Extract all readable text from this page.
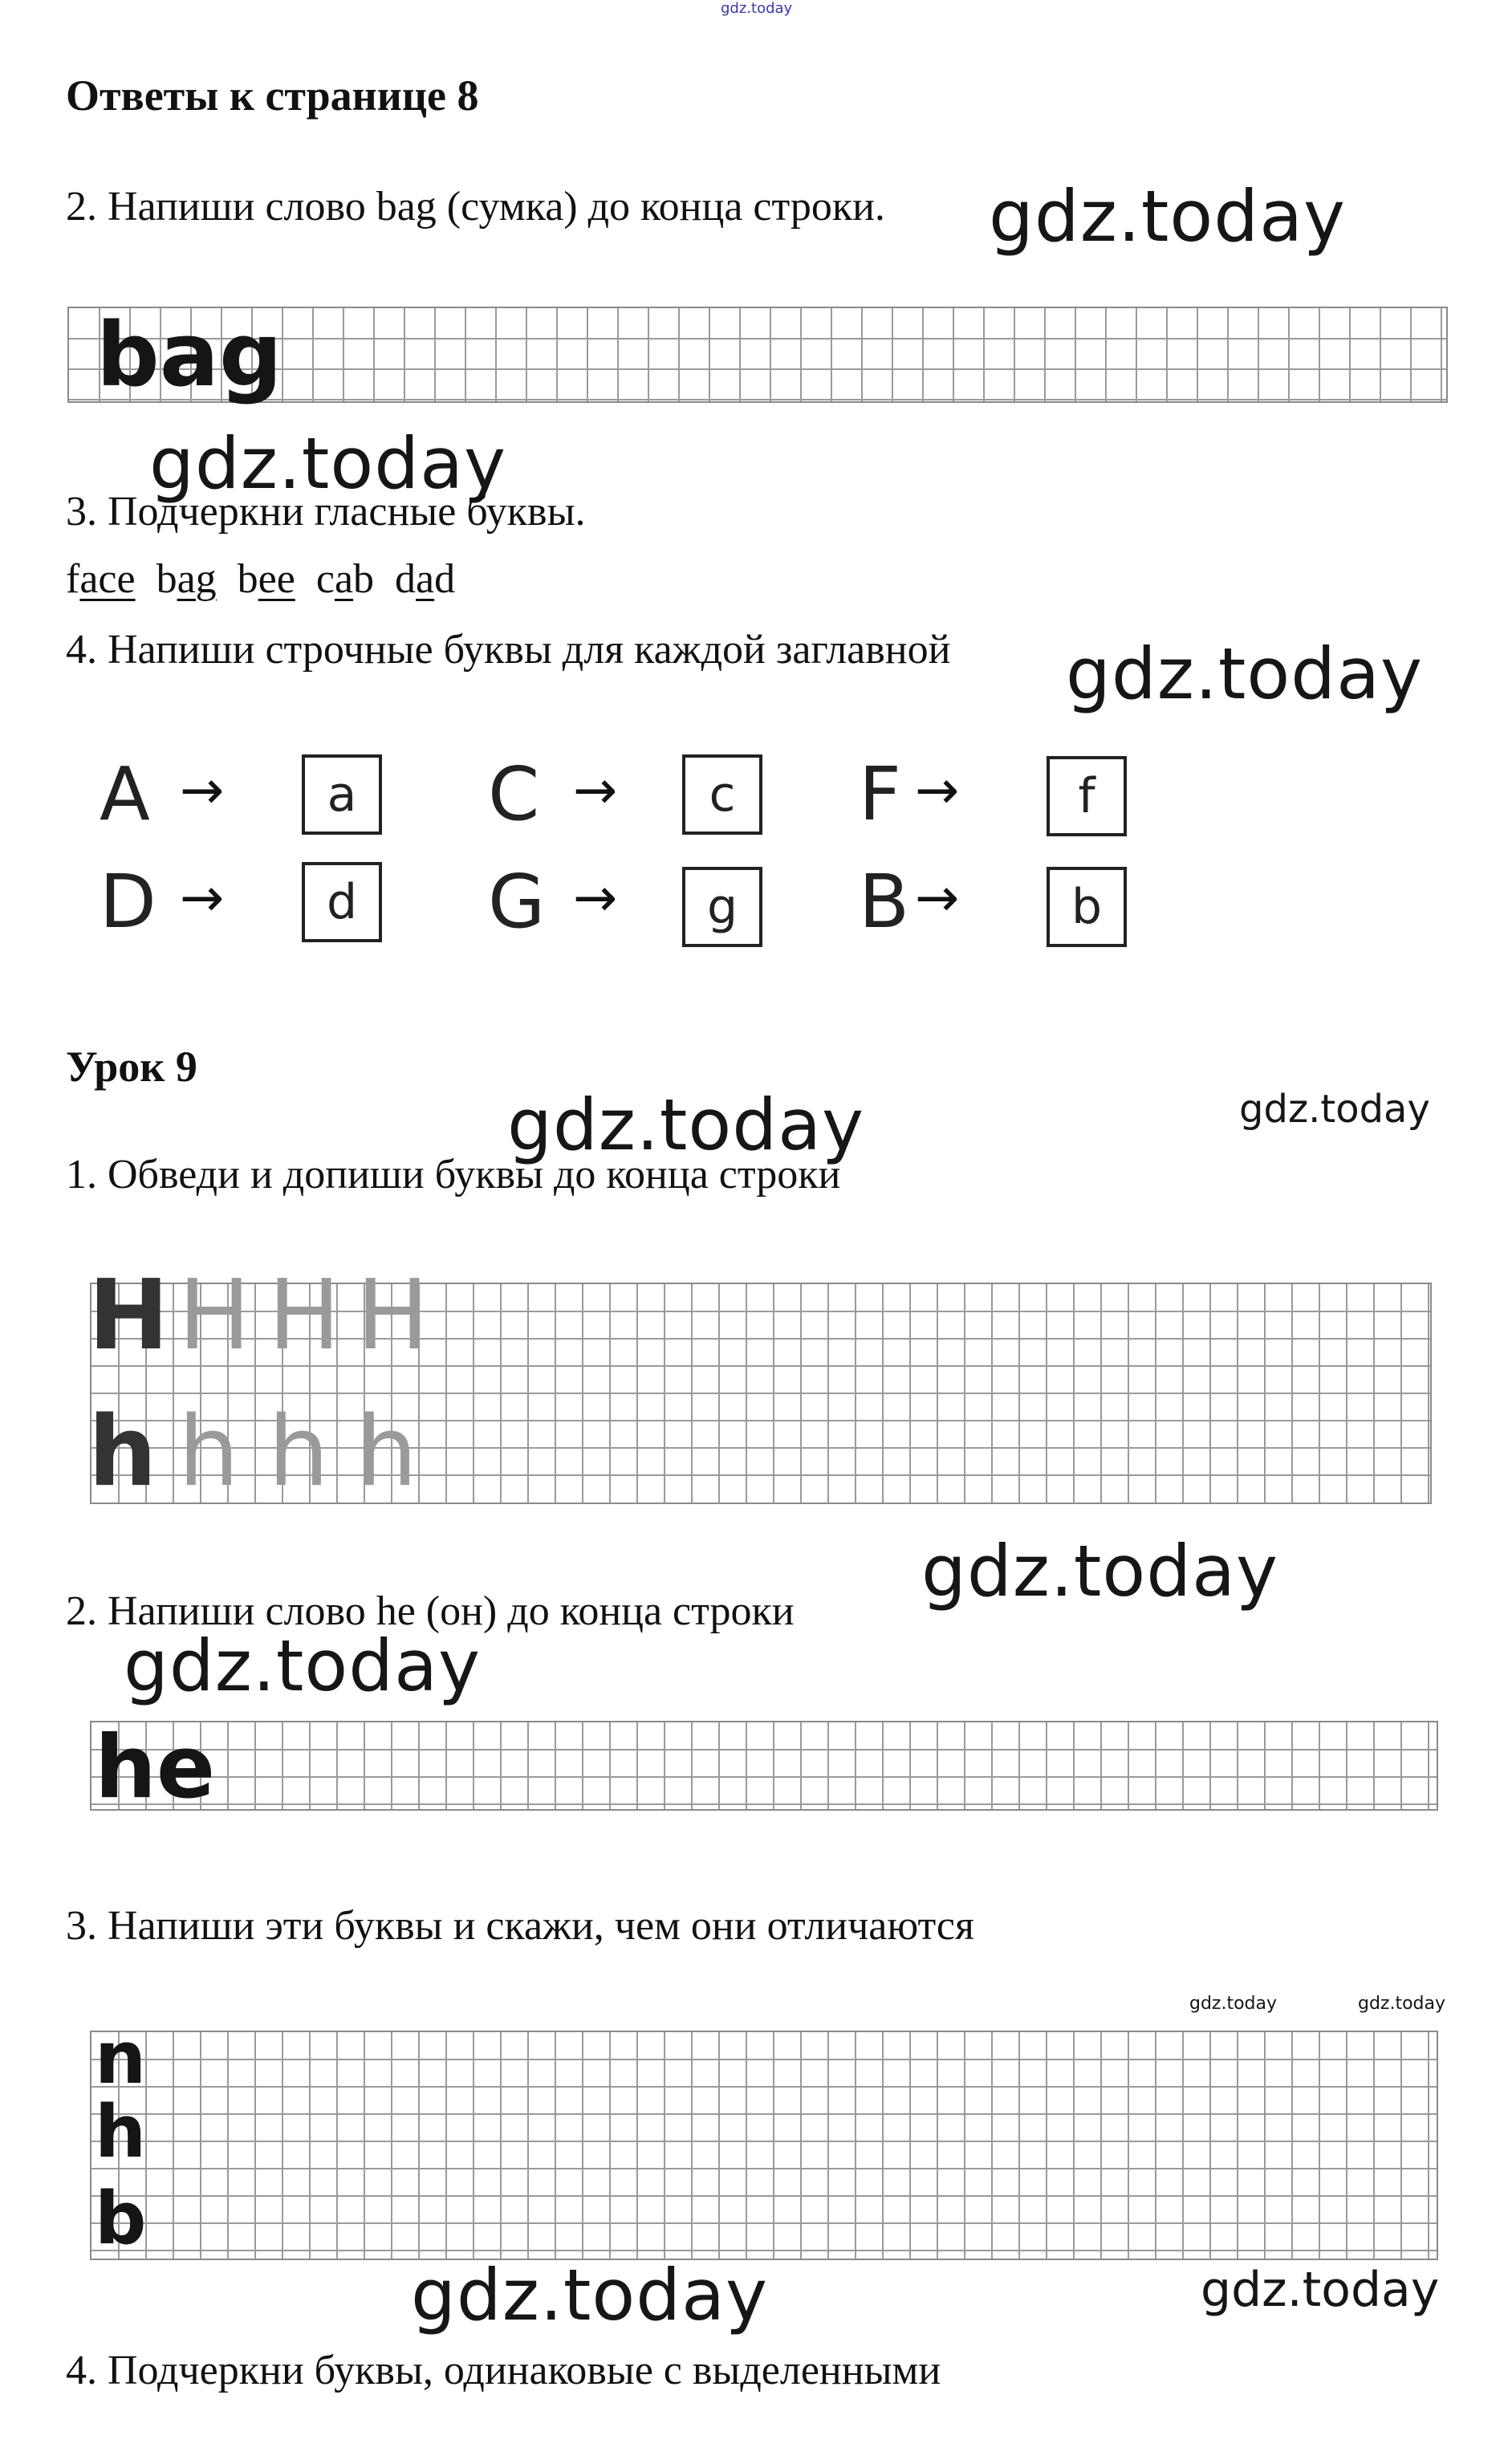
gdz.today
Ответы к странице 8
2. Напиши слово bag (сумка) до конца строки. gdz.today
bag
gdz.today
3. Подчеркни гласные буквы.
face bag bee cab dad
4. Напиши строчные буквы для каждой заглавной gdz.today
A →	a	C →	c	F →	f
D →	d	G →	g	B →	b
Урок 9
gdz.today
gdz.today
1. Обведи и допиши буквы до конца строки
H H H H
h h h h
gdz.today
2. Напиши слово he (он) до конца строки
gdz.today
he
3. Напиши эти буквы и скажи, чем они отличаются
gdz.today	gdz.today
n
h
b
gdz.today	gdz.today
4. Подчеркни буквы, одинаковые с выделенными
